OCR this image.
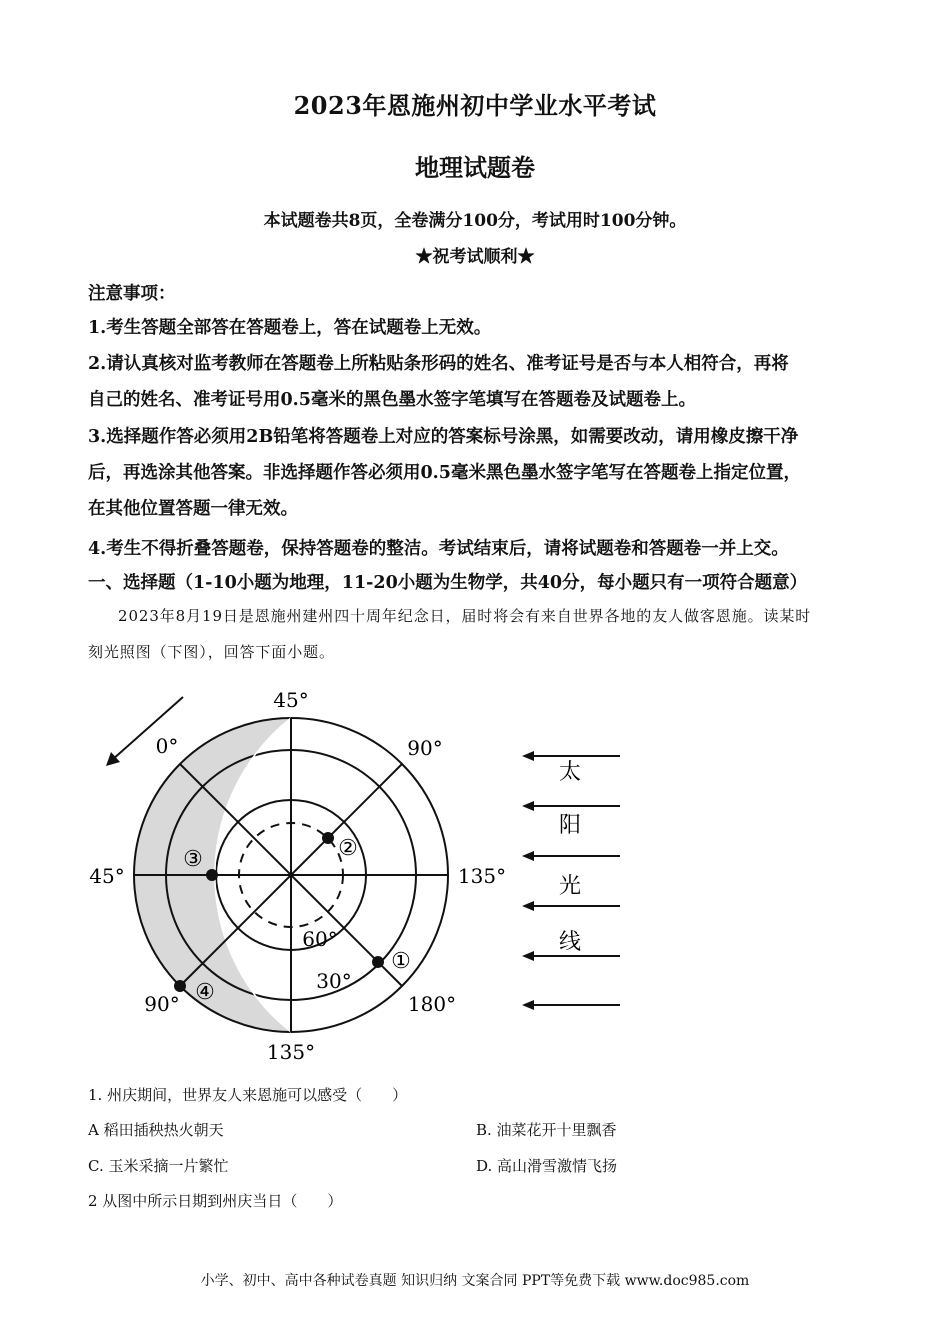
2023年恩施州初中学业水平考试
地理试题卷
本试题卷共8页，全卷满分100分，考试用时100分钟。
★祝考试顺利★
注意事项：
1.考生答题全部答在答题卷上，答在试题卷上无效。
2.请认真核对监考教师在答题卷上所粘贴条形码的姓名、准考证号是否与本人相符合，再将
自己的姓名、准考证号用0.5毫米的黑色墨水签字笔填写在答题卷及试题卷上。
3.选择题作答必须用2B铅笔将答题卷上对应的答案标号涂黑，如需要改动，请用橡皮擦干净
后，再选涂其他答案。非选择题作答必须用0.5毫米黑色墨水签字笔写在答题卷上指定位置，
在其他位置答题一律无效。
4.考生不得折叠答题卷，保持答题卷的整洁。考试结束后，请将试题卷和答题卷一并上交。
一、选择题（1-10小题为地理，11-20小题为生物学，共40分，每小题只有一项符合题意）
2023年8月19日是恩施州建州四十周年纪念日，届时将会有来自世界各地的友人做客恩施。读某时
刻光照图（下图），回答下面小题。
45°
0°	90°
45°	135°
60°
30°
90°	180°
135°
①
②
③
④
太
阳
光
线
1. 州庆期间，世界友人来恩施可以感受（　　）
A 稻田插秧热火朝天	B. 油菜花开十里飘香
C. 玉米采摘一片繁忙	D. 高山滑雪激情飞扬
2 从图中所示日期到州庆当日（　　）
小学、初中、高中各种试卷真题 知识归纳 文案合同 PPT等免费下载 www.doc985.com
